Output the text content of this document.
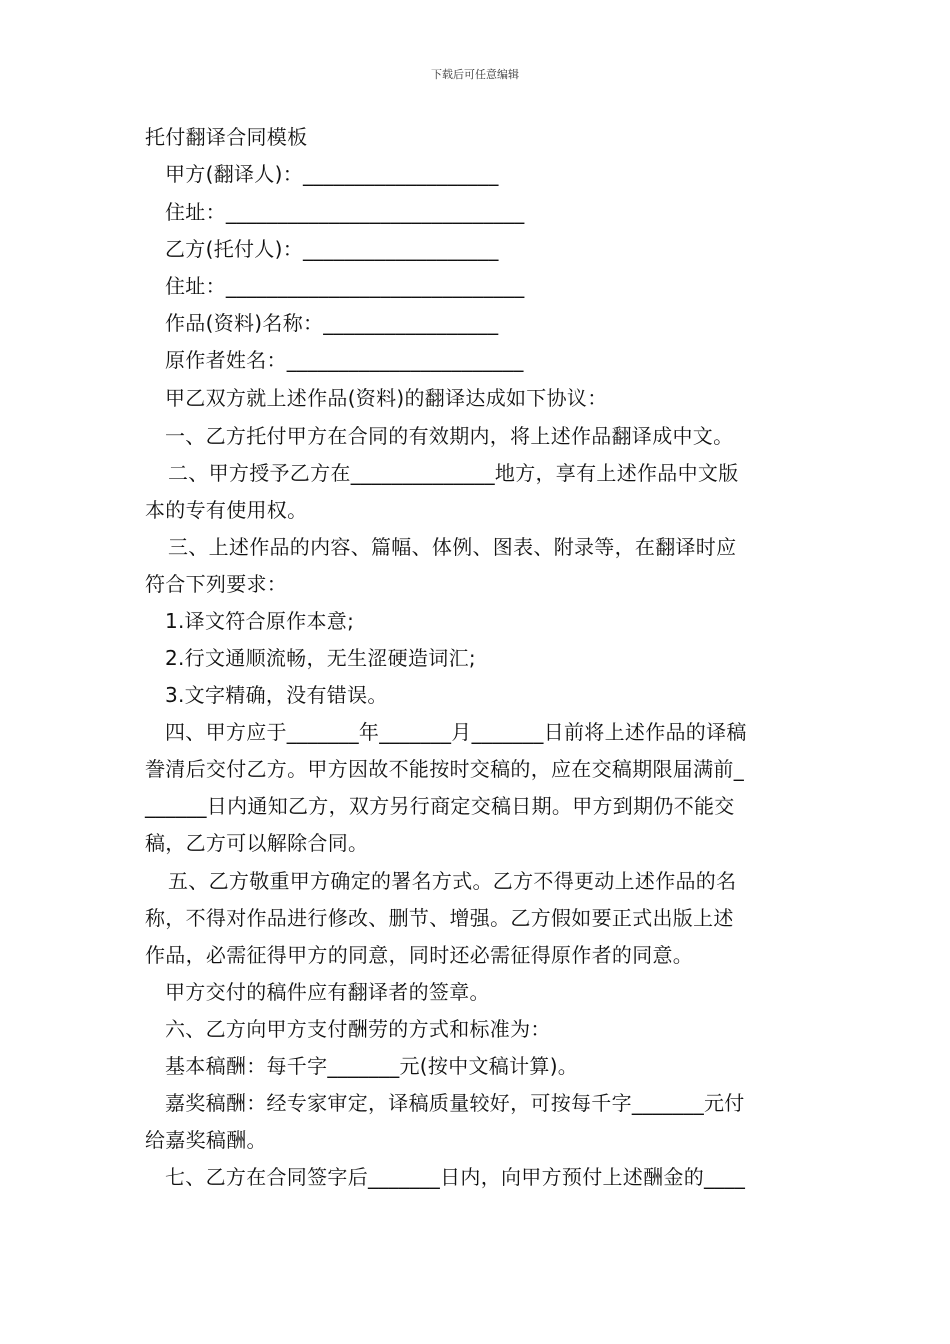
下载后可任意编辑
托付翻译合同模板
甲方(翻译人)：___________________
住址：_____________________________
乙方(托付人)：___________________
住址：_____________________________
作品(资料)名称：_________________
原作者姓名：_______________________
甲乙双方就上述作品(资料)的翻译达成如下协议：
一、乙方托付甲方在合同的有效期内，将上述作品翻译成中文。
二、甲方授予乙方在______________地方，享有上述作品中文版
本的专有使用权。
三、上述作品的内容、篇幅、体例、图表、附录等，在翻译时应
符合下列要求：
1.译文符合原作本意;
2.行文通顺流畅，无生涩硬造词汇;
3.文字精确，没有错误。
四、甲方应于_______年_______月_______日前将上述作品的译稿
誊清后交付乙方。甲方因故不能按时交稿的，应在交稿期限届满前_
______日内通知乙方，双方另行商定交稿日期。甲方到期仍不能交
稿，乙方可以解除合同。
五、乙方敬重甲方确定的署名方式。乙方不得更动上述作品的名
称，不得对作品进行修改、删节、增强。乙方假如要正式出版上述
作品，必需征得甲方的同意，同时还必需征得原作者的同意。
甲方交付的稿件应有翻译者的签章。
六、乙方向甲方支付酬劳的方式和标准为：
基本稿酬：每千字_______元(按中文稿计算)。
嘉奖稿酬：经专家审定，译稿质量较好，可按每千字_______元付
给嘉奖稿酬。
七、乙方在合同签字后_______日内，向甲方预付上述酬金的____
